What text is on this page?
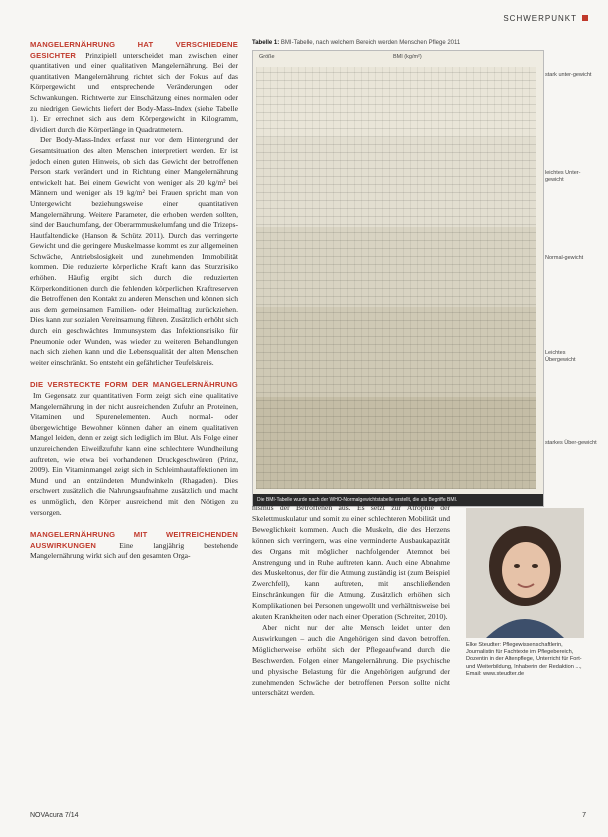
SCHWERPUNKT
MANGELERNÄHRUNG HAT VERSCHIEDENE GESICHTER Prinzipiell unterscheidet man zwischen einer quantitativen und einer qualitativen Mangelernährung. Bei der quantitativen Mangelernährung richtet sich der Fokus auf das Körpergewicht und entsprechende Veränderungen oder Schwankungen. Richtwerte zur Einschätzung eines normalen oder zu niedrigen Gewichts liefert der Body-Mass-Index (siehe Tabelle 1). Er errechnet sich aus dem Körpergewicht in Kilogramm, dividiert durch die Körperlänge in Quadratmetern.

Der Body-Mass-Index erfasst nur vor dem Hintergrund der Gesamtsituation des alten Menschen interpretiert werden. Er ist jedoch einen guten Hinweis, ob sich das Gewicht der betroffenen Person stark verändert und in Richtung einer Mangelernährung entwickelt hat. Bei einem Gewicht von weniger als 20 kg/m² bei Männern und weniger als 19 kg/m² bei Frauen spricht man von Untergewicht beziehungsweise einer quantitativen Mangelernährung. Weitere Parameter, die erhoben werden sollten, sind der Bauchumfang, der Oberarmmuskelumfang und die Trizeps-Hautfaltendicke (Hanson & Schütz 2011). Durch das verringerte Gewicht und die geringere Muskelmasse kommt es zur allgemeinen Schwäche, Antriebslosigkeit und zunehmenden Immobilität kommen. Die reduzierte körperliche Kraft kann das Sturzrisiko erhöhen. Häufig ergibt sich durch die reduzierten Körperkonditionen durch die fehlenden körperlichen Kraftreserven die Betroffenen den Kontakt zu anderen Menschen und können sich aus dem gemeinsamen Familien- oder Heimalltag zurückziehen. Dies kann zur sozialen Vereinsamung führen. Zusätzlich erhöht sich durch ein geschwächtes Immunsystem das Infektionsrisiko für Pneumonie oder Wunden, was wieder zu weiteren Behandlungen nach sich ziehen kann und die Lebensqualität der alten Menschen weiter einschränkt. So entsteht ein gefährlicher Teufelskreis.

DIE VERSTECKTE FORM DER MANGELERNÄHRUNG

Im Gegensatz zur quantitativen Form zeigt sich eine qualitative Mangelernährung in der nicht ausreichenden Zufuhr an Proteinen, Vitaminen und Spurenelementen. Auch normal- oder übergewichtige Bewohner können daher an einem qualitativen Mangel leiden, denn er zeigt sich lediglich im Blut. Als Folge einer unzureichenden Eiweißzufuhr kann eine schlechtere Wundheilung auftreten, wie etwa bei vorhandenen Druckgeschwüren (Prinz, 2009). Ein Vitaminmangel zeigt sich in Schleimhautaffektionen im Mund und an entzündeten Mundwinkeln (Rhagaden). Dies erschwert zusätzlich die Nahrungsaufnahme zusätzlich und macht es unmöglich, den Körper ausreichend mit den Nötigen zu versorgen.

MANGELERNÄHRUNG MIT WEITREICHENDEN AUSWIRKUNGEN	Eine langjährig bestehende Mangelernährung wirkt sich auf den gesamten Orga-

Tabelle 1: BMI-Tabelle, nach welchem Bereich werden Menschen Pflege 2011
Größe	BMI (kg/m²)
Die BMI-Tabelle wurde nach der WHO-Normalgewichtstabelle erstellt, die als Begriffe BMI.
stark unter-gewicht
leichtes Unter-gewicht
Normal-gewicht
Leichtes Übergewicht
starkes Über-gewicht

nismus der Betroffenen aus. Es setzt zur Atrophie der Skelettmuskulatur und somit zu einer schlechteren Mobilität und Beweglichkeit kommen. Auch die Muskeln, die des Herzens können sich verringern, was eine verminderte Ausbaukapazität des Organs mit möglicher nachfolgender Atemnot bei Anstrengung und in Ruhe auftreten kann. Auch eine Abnahme des Muskeltonus, der für die Atmung zuständig ist (zum Beispiel Zwerchfell), kann auftreten, mit anschließenden Einschränkungen für die Atmung. Zusätzlich erhöhen sich Komplikationen bei Personen ungewollt und verhältnisweise bei akuten Krankheiten oder nach einer Operation (Schreiter, 2010).

Aber nicht nur der alte Mensch leidet unter den Auswirkungen – auch die Angehörigen sind davon betroffen. Möglicherweise erhöht sich der Pflegeaufwand durch die Beschwerden. Folgen einer Mangelernährung. Die psychische und physische Belastung für die Angehörigen aufgrund der zunehmenden Schwäche der betroffenen Person sollte nicht unterschätzt werden.

Elke Steudter: Pflegewissenschaftlerin, Journalistin für Fachtexte im Pflegebereich, Dozentin in der Altenpflege, Unterricht für Fort- und Weiterbildung, Inhaberin der Redaktion ..., Email: www.steudter.de
NOVAcura 7/14	7
